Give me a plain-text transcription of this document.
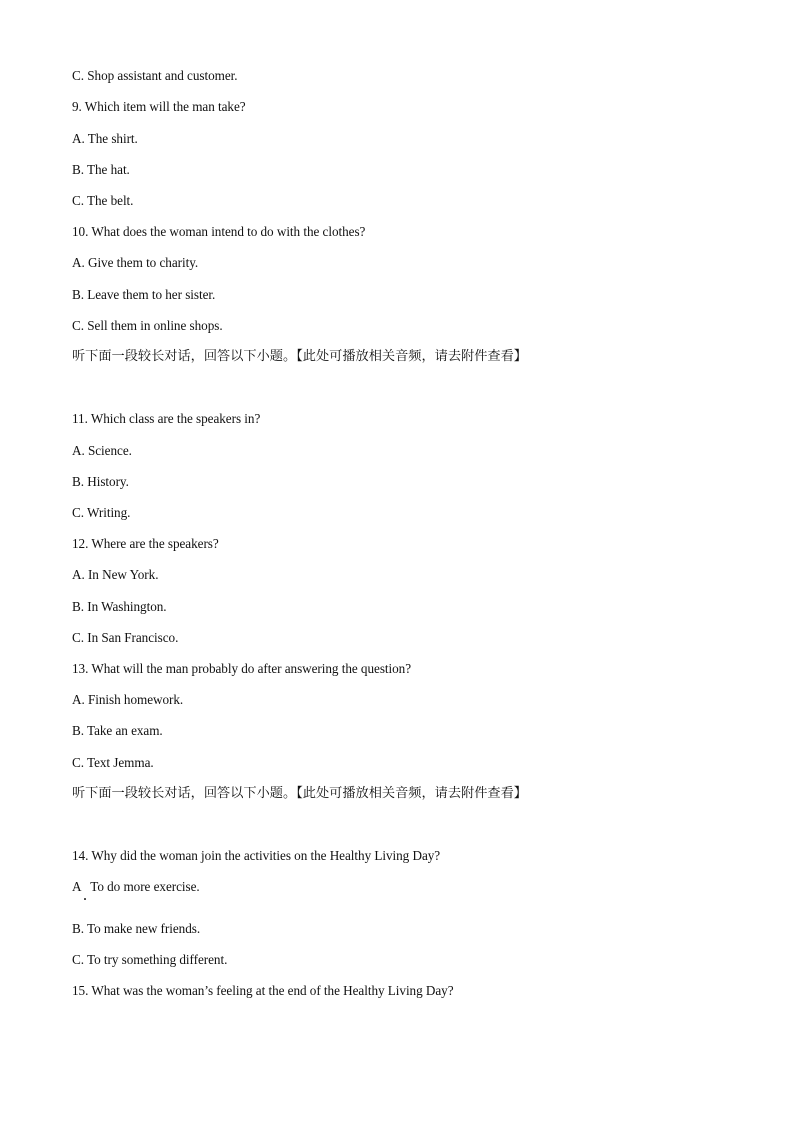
C. Shop assistant and customer.
9. Which item will the man take?
A. The shirt.
B. The hat.
C. The belt.
10. What does the woman intend to do with the clothes?
A. Give them to charity.
B. Leave them to her sister.
C. Sell them in online shops.
听下面一段较长对话，回答以下小题。【此处可播放相关音频，请去附件查看】
11. Which class are the speakers in?
A. Science.
B. History.
C. Writing.
12. Where are the speakers?
A. In New York.
B. In Washington.
C. In San Francisco.
13. What will the man probably do after answering the question?
A. Finish homework.
B. Take an exam.
C. Text Jemma.
听下面一段较长对话，回答以下小题。【此处可播放相关音频，请去附件查看】
14. Why did the woman join the activities on the Healthy Living Day?
A   To do more exercise.
B. To make new friends.
C. To try something different.
15. What was the woman’s feeling at the end of the Healthy Living Day?
